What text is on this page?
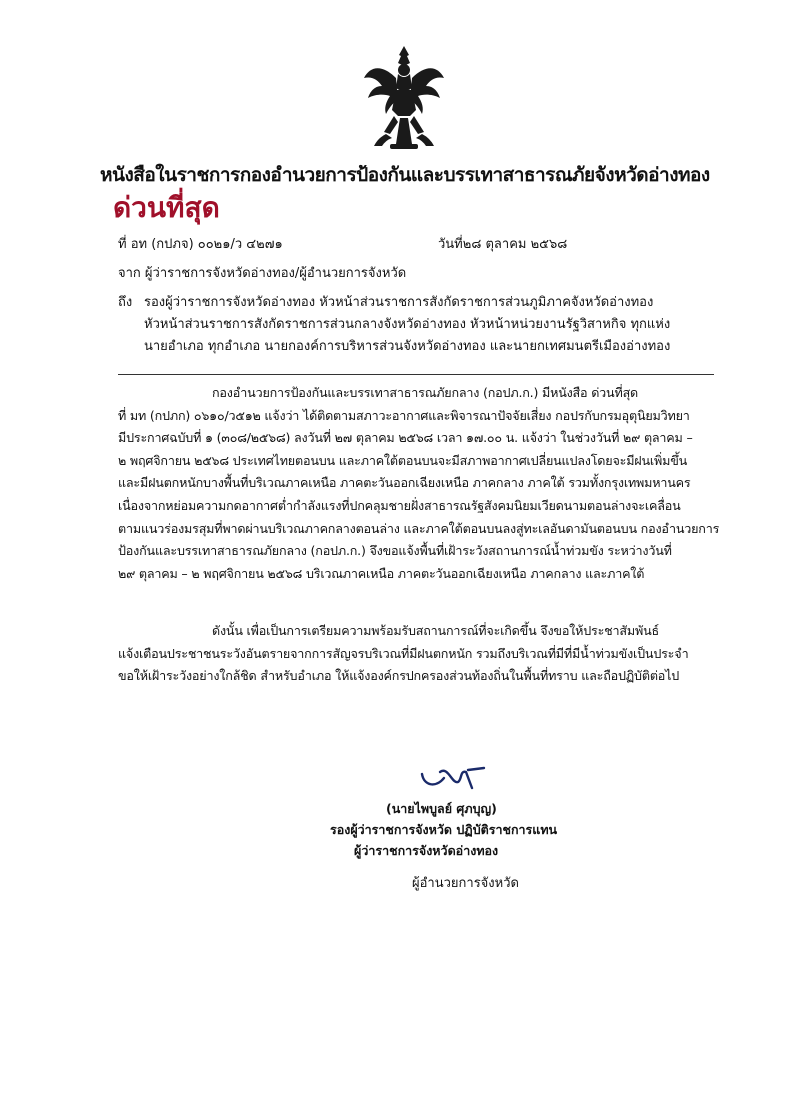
หนังสือในราชการกองอำนวยการป้องกันและบรรเทาสาธารณภัยจังหวัดอ่างทอง
ด่วนที่สุด
ที่ อท (กปภจ) ๐๐๒๑/ว ๔๒๗๑	วันที่๒๘ ตุลาคม ๒๕๖๘
จาก ผู้ว่าราชการจังหวัดอ่างทอง/ผู้อำนวยการจังหวัด
ถึง รองผู้ว่าราชการจังหวัดอ่างทอง หัวหน้าส่วนราชการสังกัดราชการส่วนภูมิภาคจังหวัดอ่างทอง
หัวหน้าส่วนราชการสังกัดราชการส่วนกลางจังหวัดอ่างทอง หัวหน้าหน่วยงานรัฐวิสาหกิจ ทุกแห่ง
นายอำเภอ ทุกอำเภอ นายกองค์การบริหารส่วนจังหวัดอ่างทอง และนายกเทศมนตรีเมืองอ่างทอง
กองอำนวยการป้องกันและบรรเทาสาธารณภัยกลาง (กอปภ.ก.) มีหนังสือ ด่วนที่สุด
ที่ มท (กปภก) ๐๖๑๐/ว๕๑๒ แจ้งว่า ได้ติดตามสภาวะอากาศและพิจารณาปัจจัยเสี่ยง กอปรกับกรมอุตุนิยมวิทยา
มีประกาศฉบับที่ ๑ (๓๐๘/๒๕๖๘) ลงวันที่ ๒๗ ตุลาคม ๒๕๖๘ เวลา ๑๗.๐๐ น. แจ้งว่า ในช่วงวันที่ ๒๙ ตุลาคม –
๒ พฤศจิกายน ๒๕๖๘ ประเทศไทยตอนบน และภาคใต้ตอนบนจะมีสภาพอากาศเปลี่ยนแปลงโดยจะมีฝนเพิ่มขึ้น
และมีฝนตกหนักบางพื้นที่บริเวณภาคเหนือ ภาคตะวันออกเฉียงเหนือ ภาคกลาง ภาคใต้ รวมทั้งกรุงเทพมหานคร
เนื่องจากหย่อมความกดอากาศต่ำกำลังแรงที่ปกคลุมชายฝั่งสาธารณรัฐสังคมนิยมเวียดนามตอนล่างจะเคลื่อน
ตามแนวร่องมรสุมที่พาดผ่านบริเวณภาคกลางตอนล่าง และภาคใต้ตอนบนลงสู่ทะเลอันดามันตอนบน กองอำนวยการ
ป้องกันและบรรเทาสาธารณภัยกลาง (กอปภ.ก.) จึงขอแจ้งพื้นที่เฝ้าระวังสถานการณ์น้ำท่วมขัง ระหว่างวันที่
๒๙ ตุลาคม – ๒ พฤศจิกายน ๒๕๖๘ บริเวณภาคเหนือ ภาคตะวันออกเฉียงเหนือ ภาคกลาง และภาคใต้
ดังนั้น เพื่อเป็นการเตรียมความพร้อมรับสถานการณ์ที่จะเกิดขึ้น จึงขอให้ประชาสัมพันธ์
แจ้งเตือนประชาชนระวังอันตรายจากการสัญจรบริเวณที่มีฝนตกหนัก รวมถึงบริเวณที่มีที่มีน้ำท่วมขังเป็นประจำ
ขอให้เฝ้าระวังอย่างใกล้ชิด สำหรับอำเภอ ให้แจ้งองค์กรปกครองส่วนท้องถิ่นในพื้นที่ทราบ และถือปฏิบัติต่อไป
(นายไพบูลย์ ศุภบุญ)
รองผู้ว่าราชการจังหวัด ปฏิบัติราชการแทน
ผู้ว่าราชการจังหวัดอ่างทอง
ผู้อำนวยการจังหวัด
